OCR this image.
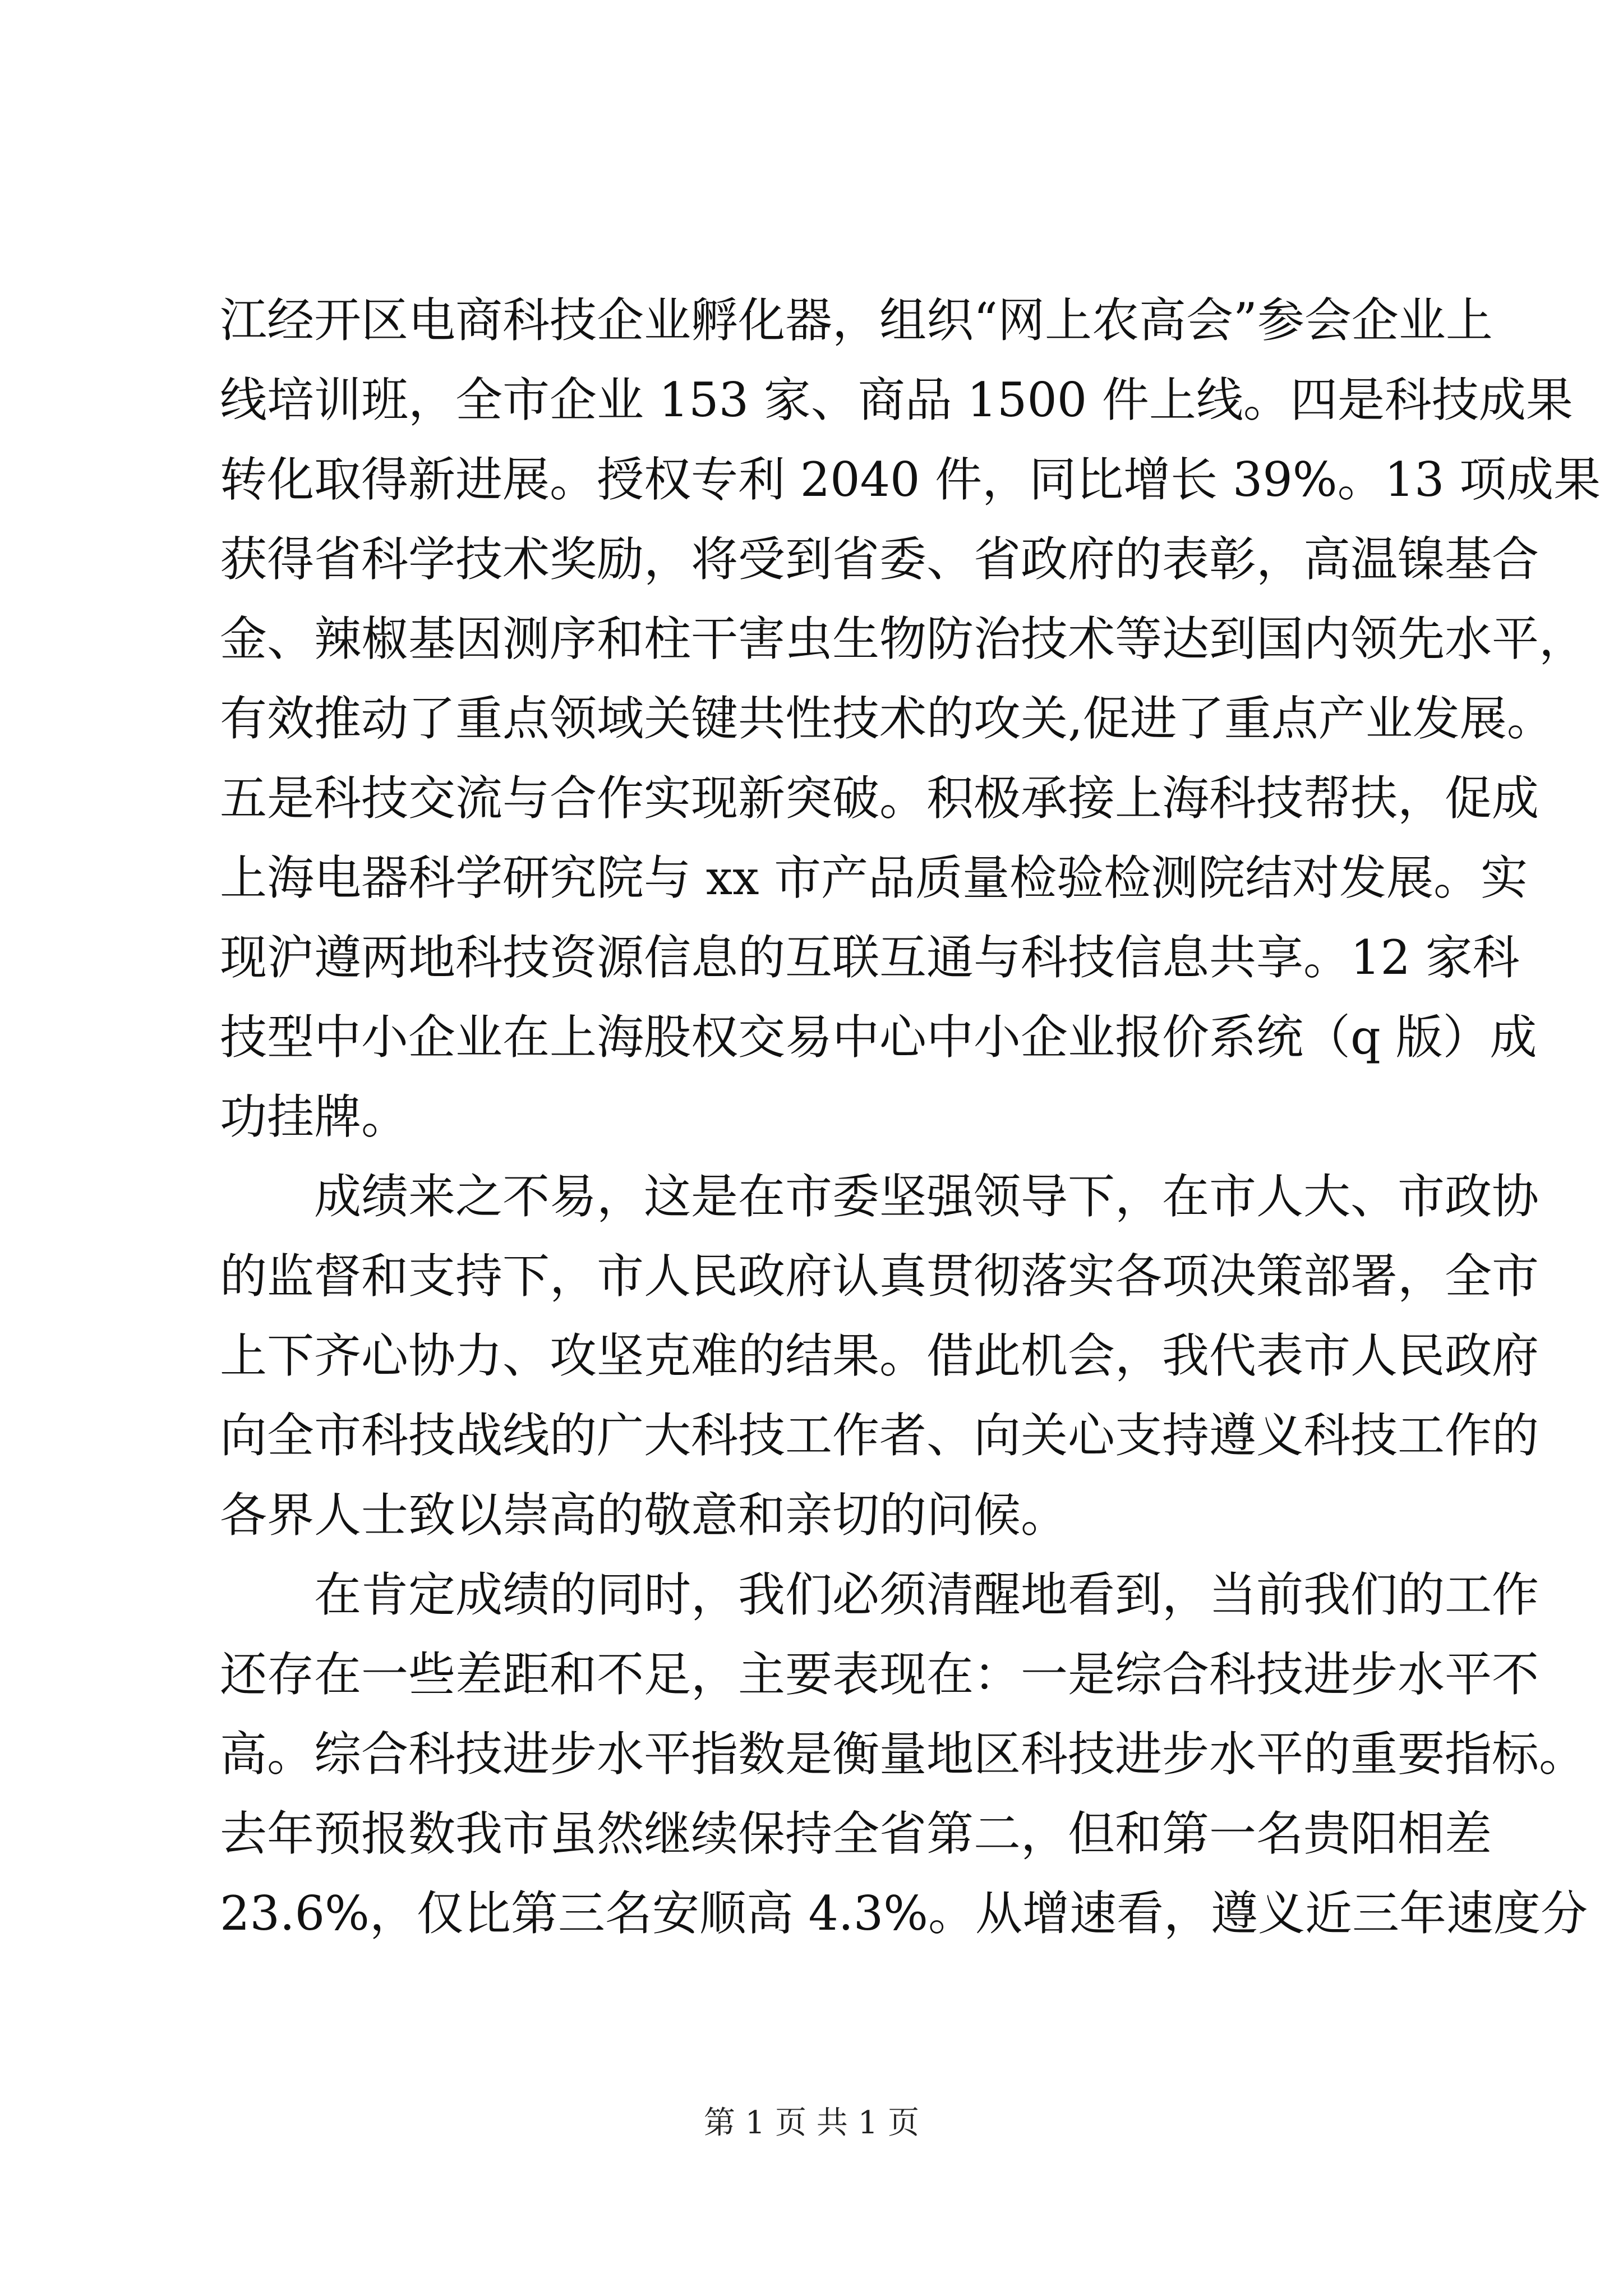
江经开区电商科技企业孵化器，组织“网上农高会”参会企业上
线培训班，全市企业 153 家、商品 1500 件上线。四是科技成果
转化取得新进展。授权专利 2040 件，同比增长 39%。13 项成果
获得省科学技术奖励，将受到省委、省政府的表彰，高温镍基合
金、辣椒基因测序和柱干害虫生物防治技术等达到国内领先水平，
有效推动了重点领域关键共性技术的攻关,促进了重点产业发展。
五是科技交流与合作实现新突破。积极承接上海科技帮扶，促成
上海电器科学研究院与 xx 市产品质量检验检测院结对发展。实
现沪遵两地科技资源信息的互联互通与科技信息共享。12 家科
技型中小企业在上海股权交易中心中小企业报价系统（q 版）成
功挂牌。
成绩来之不易，这是在市委坚强领导下，在市人大、市政协
的监督和支持下，市人民政府认真贯彻落实各项决策部署，全市
上下齐心协力、攻坚克难的结果。借此机会，我代表市人民政府
向全市科技战线的广大科技工作者、向关心支持遵义科技工作的
各界人士致以崇高的敬意和亲切的问候。
在肯定成绩的同时，我们必须清醒地看到，当前我们的工作
还存在一些差距和不足，主要表现在：一是综合科技进步水平不
高。综合科技进步水平指数是衡量地区科技进步水平的重要指标。
去年预报数我市虽然继续保持全省第二，但和第一名贵阳相差
23.6%，仅比第三名安顺高 4.3%。从增速看，遵义近三年速度分
第 1 页 共 1 页
